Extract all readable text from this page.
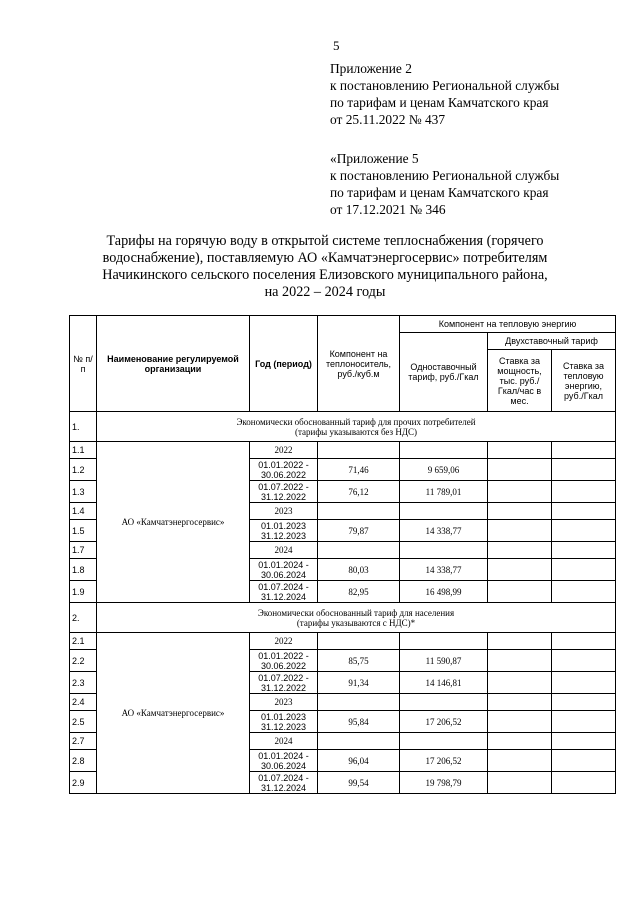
5
Приложение 2
к постановлению Региональной службы
по тарифам и ценам Камчатского края
от 25.11.2022 № 437
«Приложение 5
к постановлению Региональной службы
по тарифам и ценам Камчатского края
от 17.12.2021 № 346
Тарифы на горячую воду в открытой системе теплоснабжения (горячего
водоснабжение), поставляемую АО «Камчатэнергосервис» потребителям
Начикинского сельского поселения Елизовского муниципального района,
на 2022 – 2024 годы
№ п/п	Наименование регулируемой организации	Год (период)	Компонент на теплоноситель, руб./куб.м	Компонент на тепловую энергию		
				Одноставочный тариф, руб./Гкал	Двухставочный тариф	
					Ставка за мощность, тыс. руб./Гкал/час в мес.	Ставка за тепловую энергию, руб./Гкал
1.	Экономически обоснованный тариф для прочих потребителей
(тарифы указываются без НДС)					

1.1	АО «Камчатэнергосервис»	2022				
1.2		01.01.2022 -
30.06.2022	71,46	9 659,06		
1.3		01.07.2022 -
31.12.2022	76,12	11 789,01		
1.4		2023				
1.5		01.01.2023
31.12.2023	79,87	14 338,77		
1.7		2024				
1.8		01.01.2024 -
30.06.2024	80,03	14 338,77		
1.9		01.07.2024 -
31.12.2024	82,95	16 498,99		
2.	Экономически обоснованный тариф для населения
(тарифы указываются с НДС)*					

2.1	АО «Камчатэнергосервис»	2022				
2.2		01.01.2022 -
30.06.2022	85,75	11 590,87		
2.3		01.07.2022 -
31.12.2022	91,34	14 146,81		
2.4		2023				
2.5		01.01.2023
31.12.2023	95,84	17 206,52		
2.7		2024				
2.8		01.01.2024 -
30.06.2024	96,04	17 206,52		
2.9		01.07.2024 -
31.12.2024	99,54	19 798,79		
